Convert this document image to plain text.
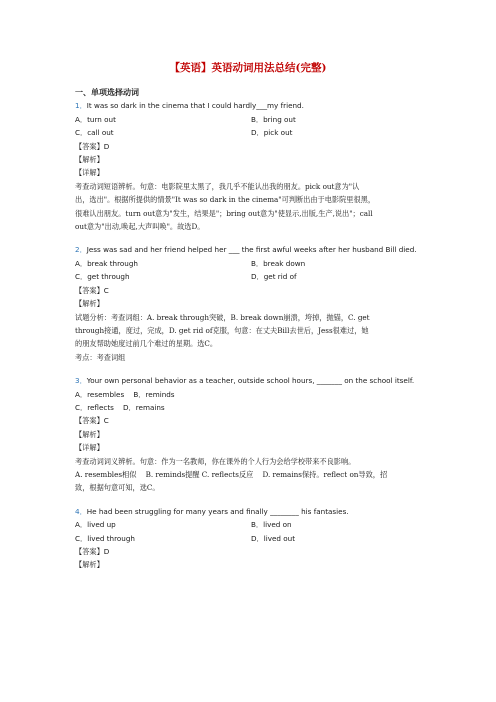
【英语】英语动词用法总结(完整)
一、单项选择动词
1．It was so dark in the cinema that I could hardly___my friend.
A．turn out	B．bring out
C．call out	D．pick out
【答案】D
【解析】
【详解】
考查动词短语辨析。句意：电影院里太黑了，我几乎不能认出我的朋友。pick out意为"认
出，选出"。根据所提供的情景"It was so dark in the cinema"可判断出由于电影院里很黑，
很难认出朋友。turn out意为"发生，结果是"；bring out意为"使显示,出版,生产,说出"；call
out意为"出动,唤起,大声叫唤"。故选D。
2．Jess was sad and her friend helped her ___ the first awful weeks after her husband Bill died.
A．break through	B．break down
C．get through	D．get rid of
【答案】C
【解析】
试题分析：考查词组：A. break through突破，B. break down崩溃，垮掉，抛锚，C. get
through接通，度过，完成，D. get rid of克服，句意：在丈夫Bill去世后，Jess很难过，她
的朋友帮助她度过前几个难过的星期。选C。
考点：考查词组
3．Your own personal behavior as a teacher, outside school hours, _______ on the school itself.
A．resembles    B．reminds
C．reflects    D．remains
【答案】C
【解析】
【详解】
考查动词词义辨析。句意：作为一名教师，你在课外的个人行为会给学校带来不良影响。
A. resembles相似    B. reminds提醒 C. reflects反应    D. remains保持。reflect on导致，招
致，根据句意可知，选C。
4．He had been struggling for many years and finally ________ his fantasies.
A．lived up	B．lived on
C．lived through	D．lived out
【答案】D
【解析】
